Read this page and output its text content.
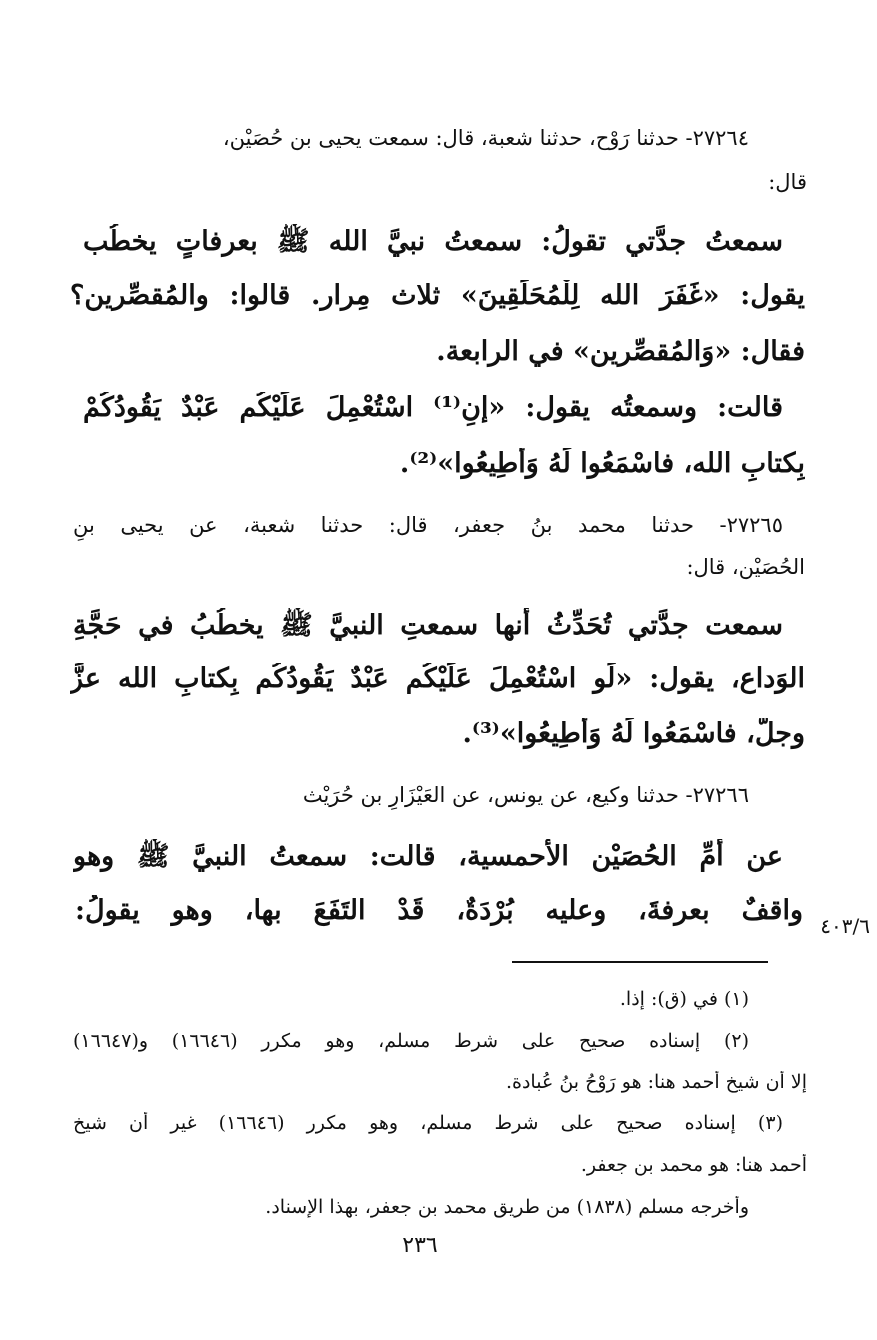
٢٧٢٦٤- حدثنا رَوْح، حدثنا شعبة، قال: سمعت يحيى بن حُصَيْن،
قال:
سمعتُ جدَّتي تقولُ: سمعتُ نبيَّ الله ﷺ بعرفاتٍ يخطُب
يقول: «غَفَرَ الله لِلْمُحَلِّقِينَ» ثلاث مِرار. قالوا: والمُقصِّرين؟
فقال: «وَالمُقصِّرين» في الرابعة.
قالت: وسمعتُه يقول: «إنِ⁽¹⁾ اسْتُعْمِلَ عَلَيْكُم عَبْدٌ يَقُودُكُمْ
بِكتابِ الله، فاسْمَعُوا لَهُ وَأَطِيعُوا»⁽²⁾.
٢٧٢٦٥- حدثنا محمد بنُ جعفر، قال: حدثنا شعبة، عن يحيى بنِ
الحُصَيْن، قال:
سمعت جدَّتي تُحَدِّثُ أنها سمعتِ النبيَّ ﷺ يخطُبُ في حَجَّةِ
الوَداع، يقول: «لَو اسْتُعْمِلَ عَلَيْكُم عَبْدٌ يَقُودُكُم بِكتابِ الله عزَّ
وجلَّ، فاسْمَعُوا لَهُ وَأَطِيعُوا»⁽³⁾.
٢٧٢٦٦- حدثنا وكيع، عن يونس، عن العَيْزَارِ بن حُرَيْث
عن أمِّ الحُصَيْن الأحمسية، قالت: سمعتُ النبيَّ ﷺ وهو
واقفٌ بعرفةَ، وعليه بُرْدَةٌ، قَدْ التَفَعَ بها، وهو يقولُ: ٤٠٣/٦
(١) في (ق): إذا.
(٢) إسناده صحيح على شرط مسلم، وهو مكرر (١٦٦٤٦) و(١٦٦٤٧)
إلا أن شيخ أحمد هنا: هو رَوْحُ بنُ عُبادة.
(٣) إسناده صحيح على شرط مسلم، وهو مكرر (١٦٦٤٦) غير أن شيخ
أحمد هنا: هو محمد بن جعفر.
وأخرجه مسلم (١٨٣٨) من طريق محمد بن جعفر، بهذا الإسناد.
٢٣٦
